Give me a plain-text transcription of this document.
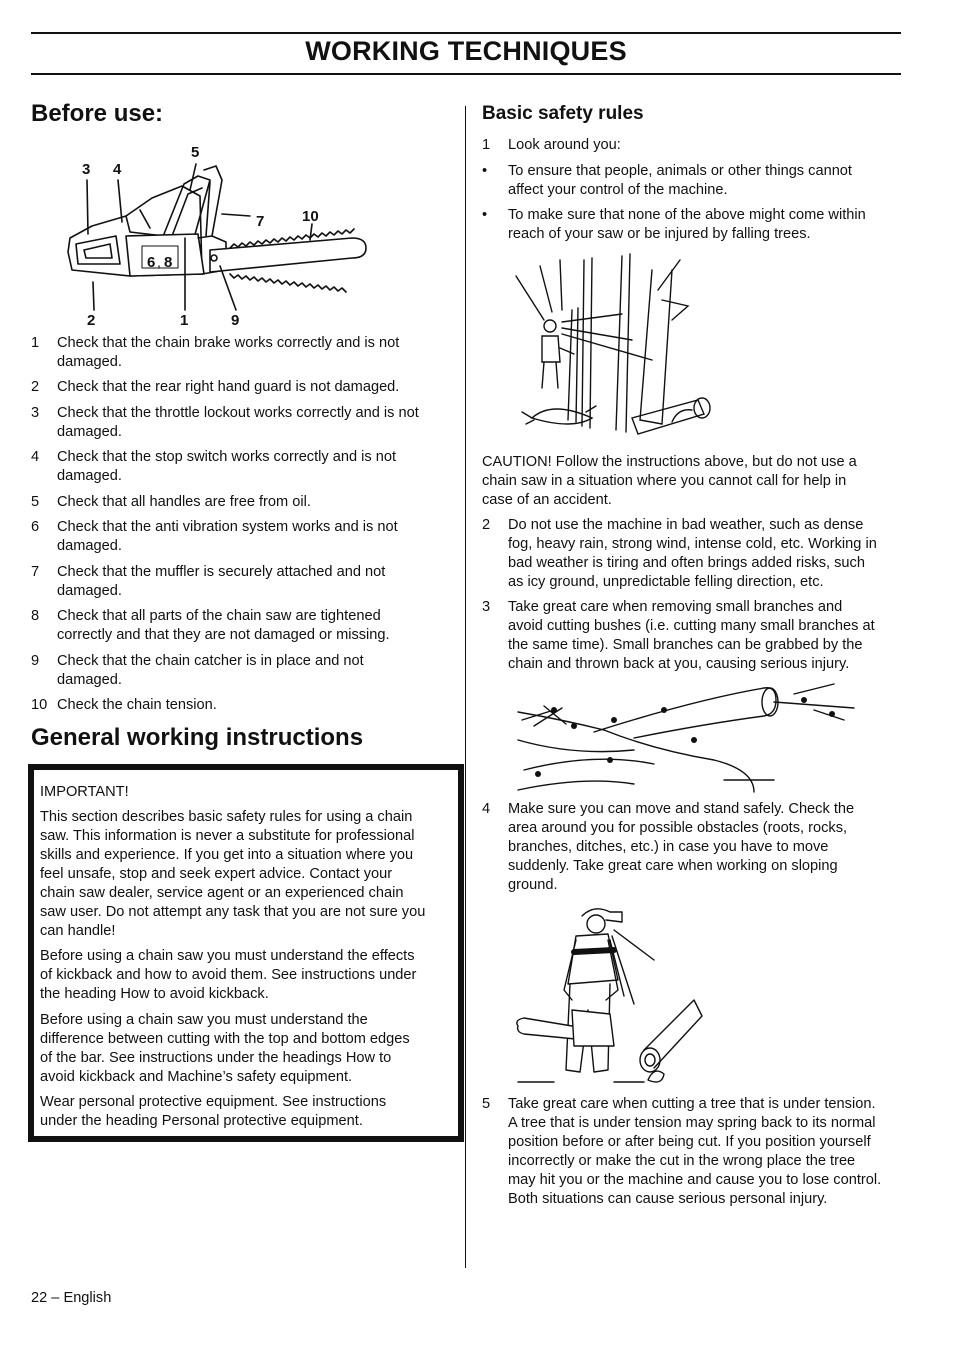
WORKING TECHNIQUES
Before use:
3 4
5
7	10
6 , 8
2	1	9
1 Check that the chain brake works correctly and is not
damaged.
2 Check that the rear right hand guard is not damaged.
3 Check that the throttle lockout works correctly and is not
damaged.
4 Check that the stop switch works correctly and is not
damaged.
5 Check that all handles are free from oil.
6 Check that the anti vibration system works and is not
damaged.
7 Check that the muffler is securely attached and not
damaged.
8 Check that all parts of the chain saw are tightened
correctly and that they are not damaged or missing.
9 Check that the chain catcher is in place and not
damaged.
10 Check the chain tension.
General working instructions
IMPORTANT!
This section describes basic safety rules for using a chain
saw. This information is never a substitute for professional
skills and experience. If you get into a situation where you
feel unsafe, stop and seek expert advice. Contact your
chain saw dealer, service agent or an experienced chain
saw user. Do not attempt any task that you are not sure you
can handle!
Before using a chain saw you must understand the effects
of kickback and how to avoid them. See instructions under
the heading How to avoid kickback.
Before using a chain saw you must understand the
difference between cutting with the top and bottom edges
of the bar. See instructions under the headings How to
avoid kickback and Machine’s safety equipment.
Wear personal protective equipment. See instructions
under the heading Personal protective equipment.
22 – English
Basic safety rules
1 Look around you:
• To ensure that people, animals or other things cannot
affect your control of the machine.
• To make sure that none of the above might come within
reach of your saw or be injured by falling trees.
CAUTION! Follow the instructions above, but do not use a
chain saw in a situation where you cannot call for help in
case of an accident.
2 Do not use the machine in bad weather, such as dense
fog, heavy rain, strong wind, intense cold, etc. Working in
bad weather is tiring and often brings added risks, such
as icy ground, unpredictable felling direction, etc.
3 Take great care when removing small branches and
avoid cutting bushes (i.e. cutting many small branches at
the same time). Small branches can be grabbed by the
chain and thrown back at you, causing serious injury.
4 Make sure you can move and stand safely. Check the
area around you for possible obstacles (roots, rocks,
branches, ditches, etc.) in case you have to move
suddenly. Take great care when working on sloping
ground.
5 Take great care when cutting a tree that is under tension.
A tree that is under tension may spring back to its normal
position before or after being cut. If you position yourself
incorrectly or make the cut in the wrong place the tree
may hit you or the machine and cause you to lose control.
Both situations can cause serious personal injury.
